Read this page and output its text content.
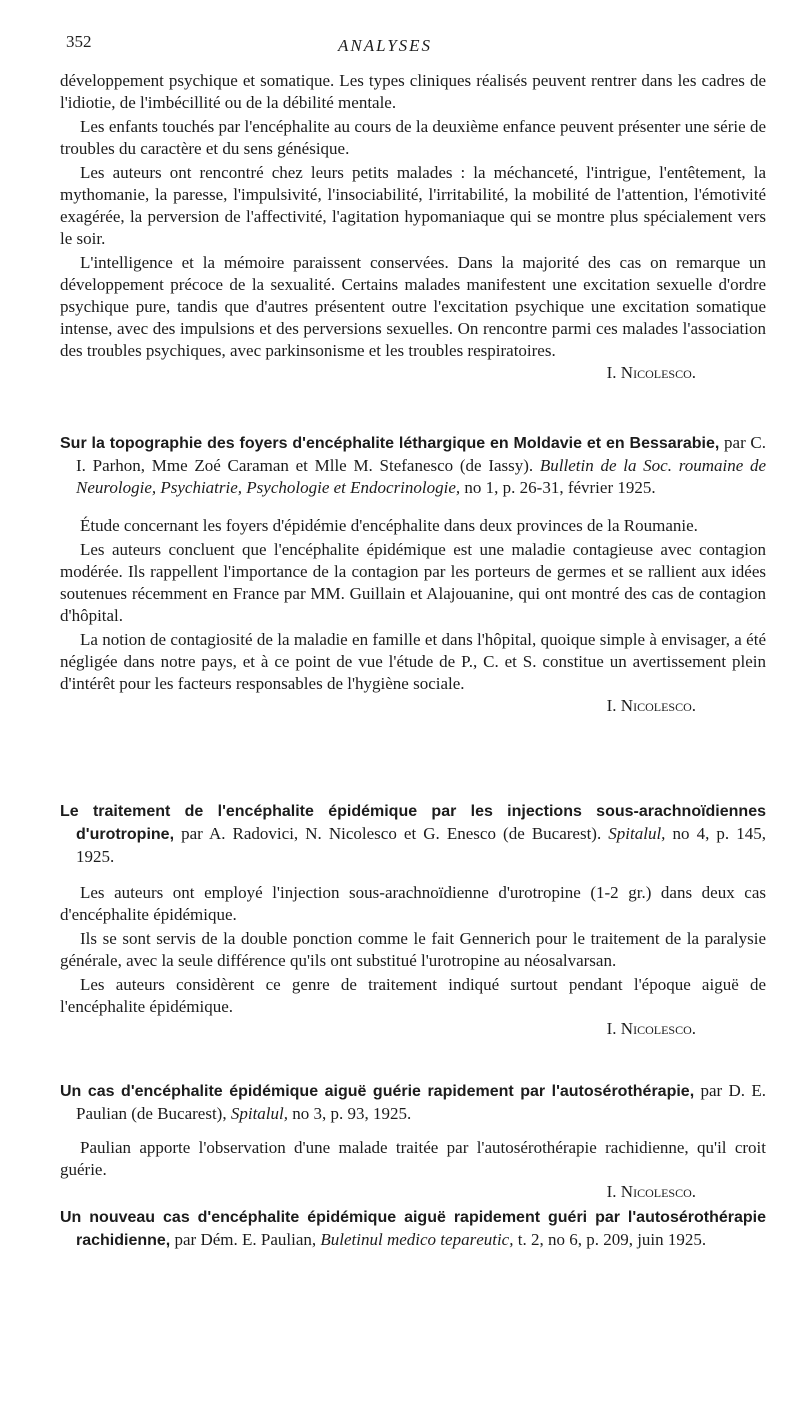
352	ANALYSES

développement psychique et somatique. Les types cliniques réalisés peuvent rentrer dans les cadres de l'idiotie, de l'imbécillité ou de la débilité mentale.

Les enfants touchés par l'encéphalite au cours de la deuxième enfance peuvent présenter une série de troubles du caractère et du sens génésique.

Les auteurs ont rencontré chez leurs petits malades : la méchanceté, l'intrigue, l'entêtement, la mythomanie, la paresse, l'impulsivité, l'insociabilité, l'irritabilité, la mobilité de l'attention, l'émotivité exagérée, la perversion de l'affectivité, l'agitation hypomaniaque qui se montre plus spécialement vers le soir.

L'intelligence et la mémoire paraissent conservées. Dans la majorité des cas on remarque un développement précoce de la sexualité. Certains malades manifestent une excitation sexuelle d'ordre psychique pure, tandis que d'autres présentent outre l'excitation psychique une excitation somatique intense, avec des impulsions et des perversions sexuelles. On rencontre parmi ces malades l'association des troubles psychiques, avec parkinsonisme et les troubles respiratoires.

I. Nicolesco.

Sur la topographie des foyers d'encéphalite léthargique en Moldavie et en Bessarabie, par C. I. Parhon, Mme Zoé Caraman et Mlle M. Stefanesco (de Iassy). Bulletin de la Soc. roumaine de Neurologie, Psychiatrie, Psychologie et Endocrinologie, no 1, p. 26-31, février 1925.

Étude concernant les foyers d'épidémie d'encéphalite dans deux provinces de la Roumanie.

Les auteurs concluent que l'encéphalite épidémique est une maladie contagieuse avec contagion modérée. Ils rappellent l'importance de la contagion par les porteurs de germes et se rallient aux idées soutenues récemment en France par MM. Guillain et Alajouanine, qui ont montré des cas de contagion d'hôpital.

La notion de contagiosité de la maladie en famille et dans l'hôpital, quoique simple à envisager, a été négligée dans notre pays, et à ce point de vue l'étude de P., C. et S. constitue un avertissement plein d'intérêt pour les facteurs responsables de l'hygiène sociale.

I. Nicolesco.

Le traitement de l'encéphalite épidémique par les injections sous-arachnoïdiennes d'urotropine, par A. Radovici, N. Nicolesco et G. Enesco (de Bucarest). Spitalul, no 4, p. 145, 1925.

Les auteurs ont employé l'injection sous-arachnoïdienne d'urotropine (1-2 gr.) dans deux cas d'encéphalite épidémique.

Ils se sont servis de la double ponction comme le fait Gennerich pour le traitement de la paralysie générale, avec la seule différence qu'ils ont substitué l'urotropine au néosalvarsan.

Les auteurs considèrent ce genre de traitement indiqué surtout pendant l'époque aiguë de l'encéphalite épidémique.

I. Nicolesco.

Un cas d'encéphalite épidémique aiguë guérie rapidement par l'autosérothérapie, par D. E. Paulian (de Bucarest), Spitalul, no 3, p. 93, 1925.

Paulian apporte l'observation d'une malade traitée par l'autosérothérapie rachidienne, qu'il croit guérie.

I. Nicolesco.

Un nouveau cas d'encéphalite épidémique aiguë rapidement guéri par l'autosérothérapie rachidienne, par Dém. E. Paulian, Buletinul medico teparеutic, t. 2, no 6, p. 209, juin 1925.
